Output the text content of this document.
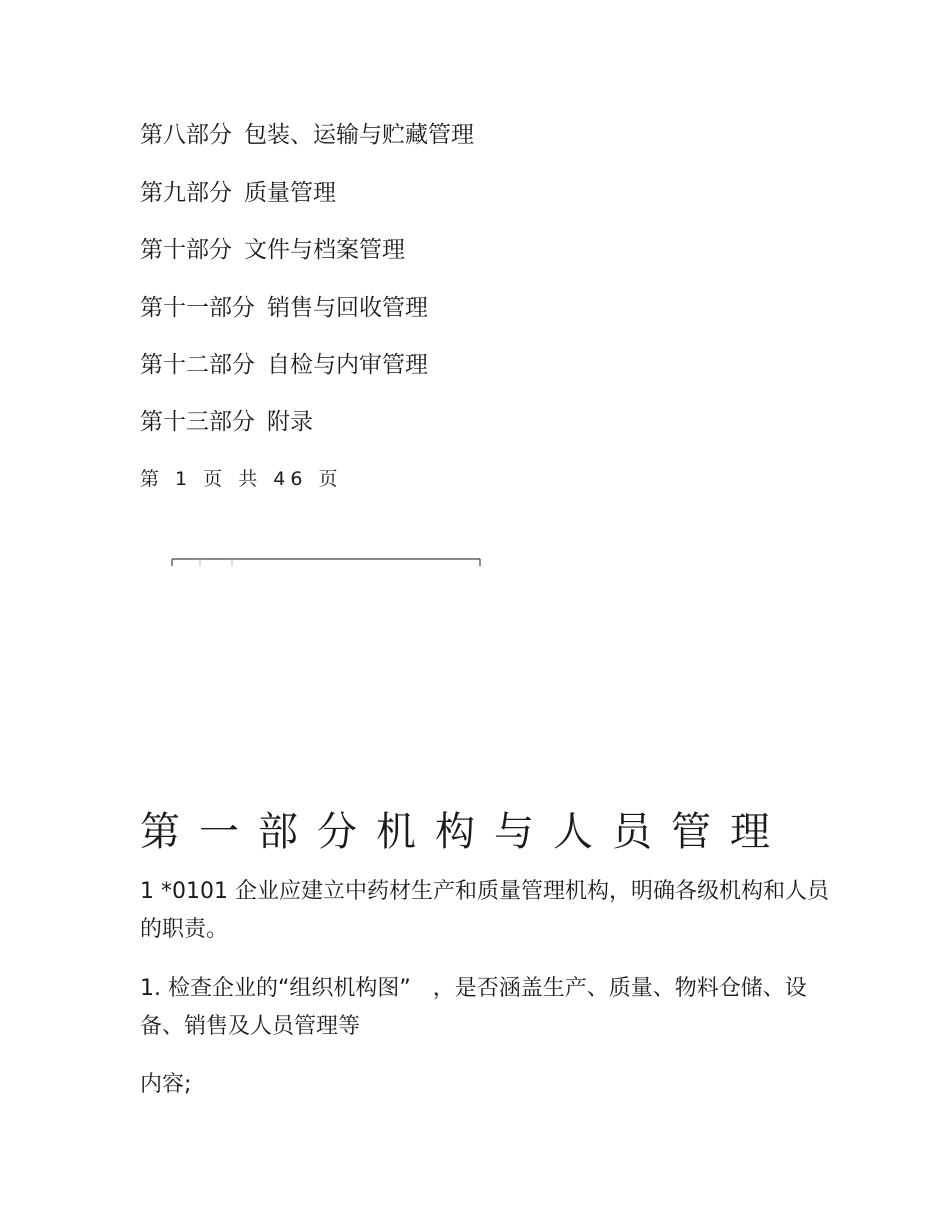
第八部分 包装、运输与贮藏管理
第九部分 质量管理
第十部分 文件与档案管理
第十一部分 销售与回收管理
第十二部分 自检与内审管理
第十三部分 附录
第 1 页 共 46 页
第一部分机构与人员管理
1 *0101 企业应建立中药材生产和质量管理机构，明确各级机构和人员的职责。
1. 检查企业的“组织机构图”　，是否涵盖生产、质量、物料仓储、设备、销售及人员管理等
内容;
